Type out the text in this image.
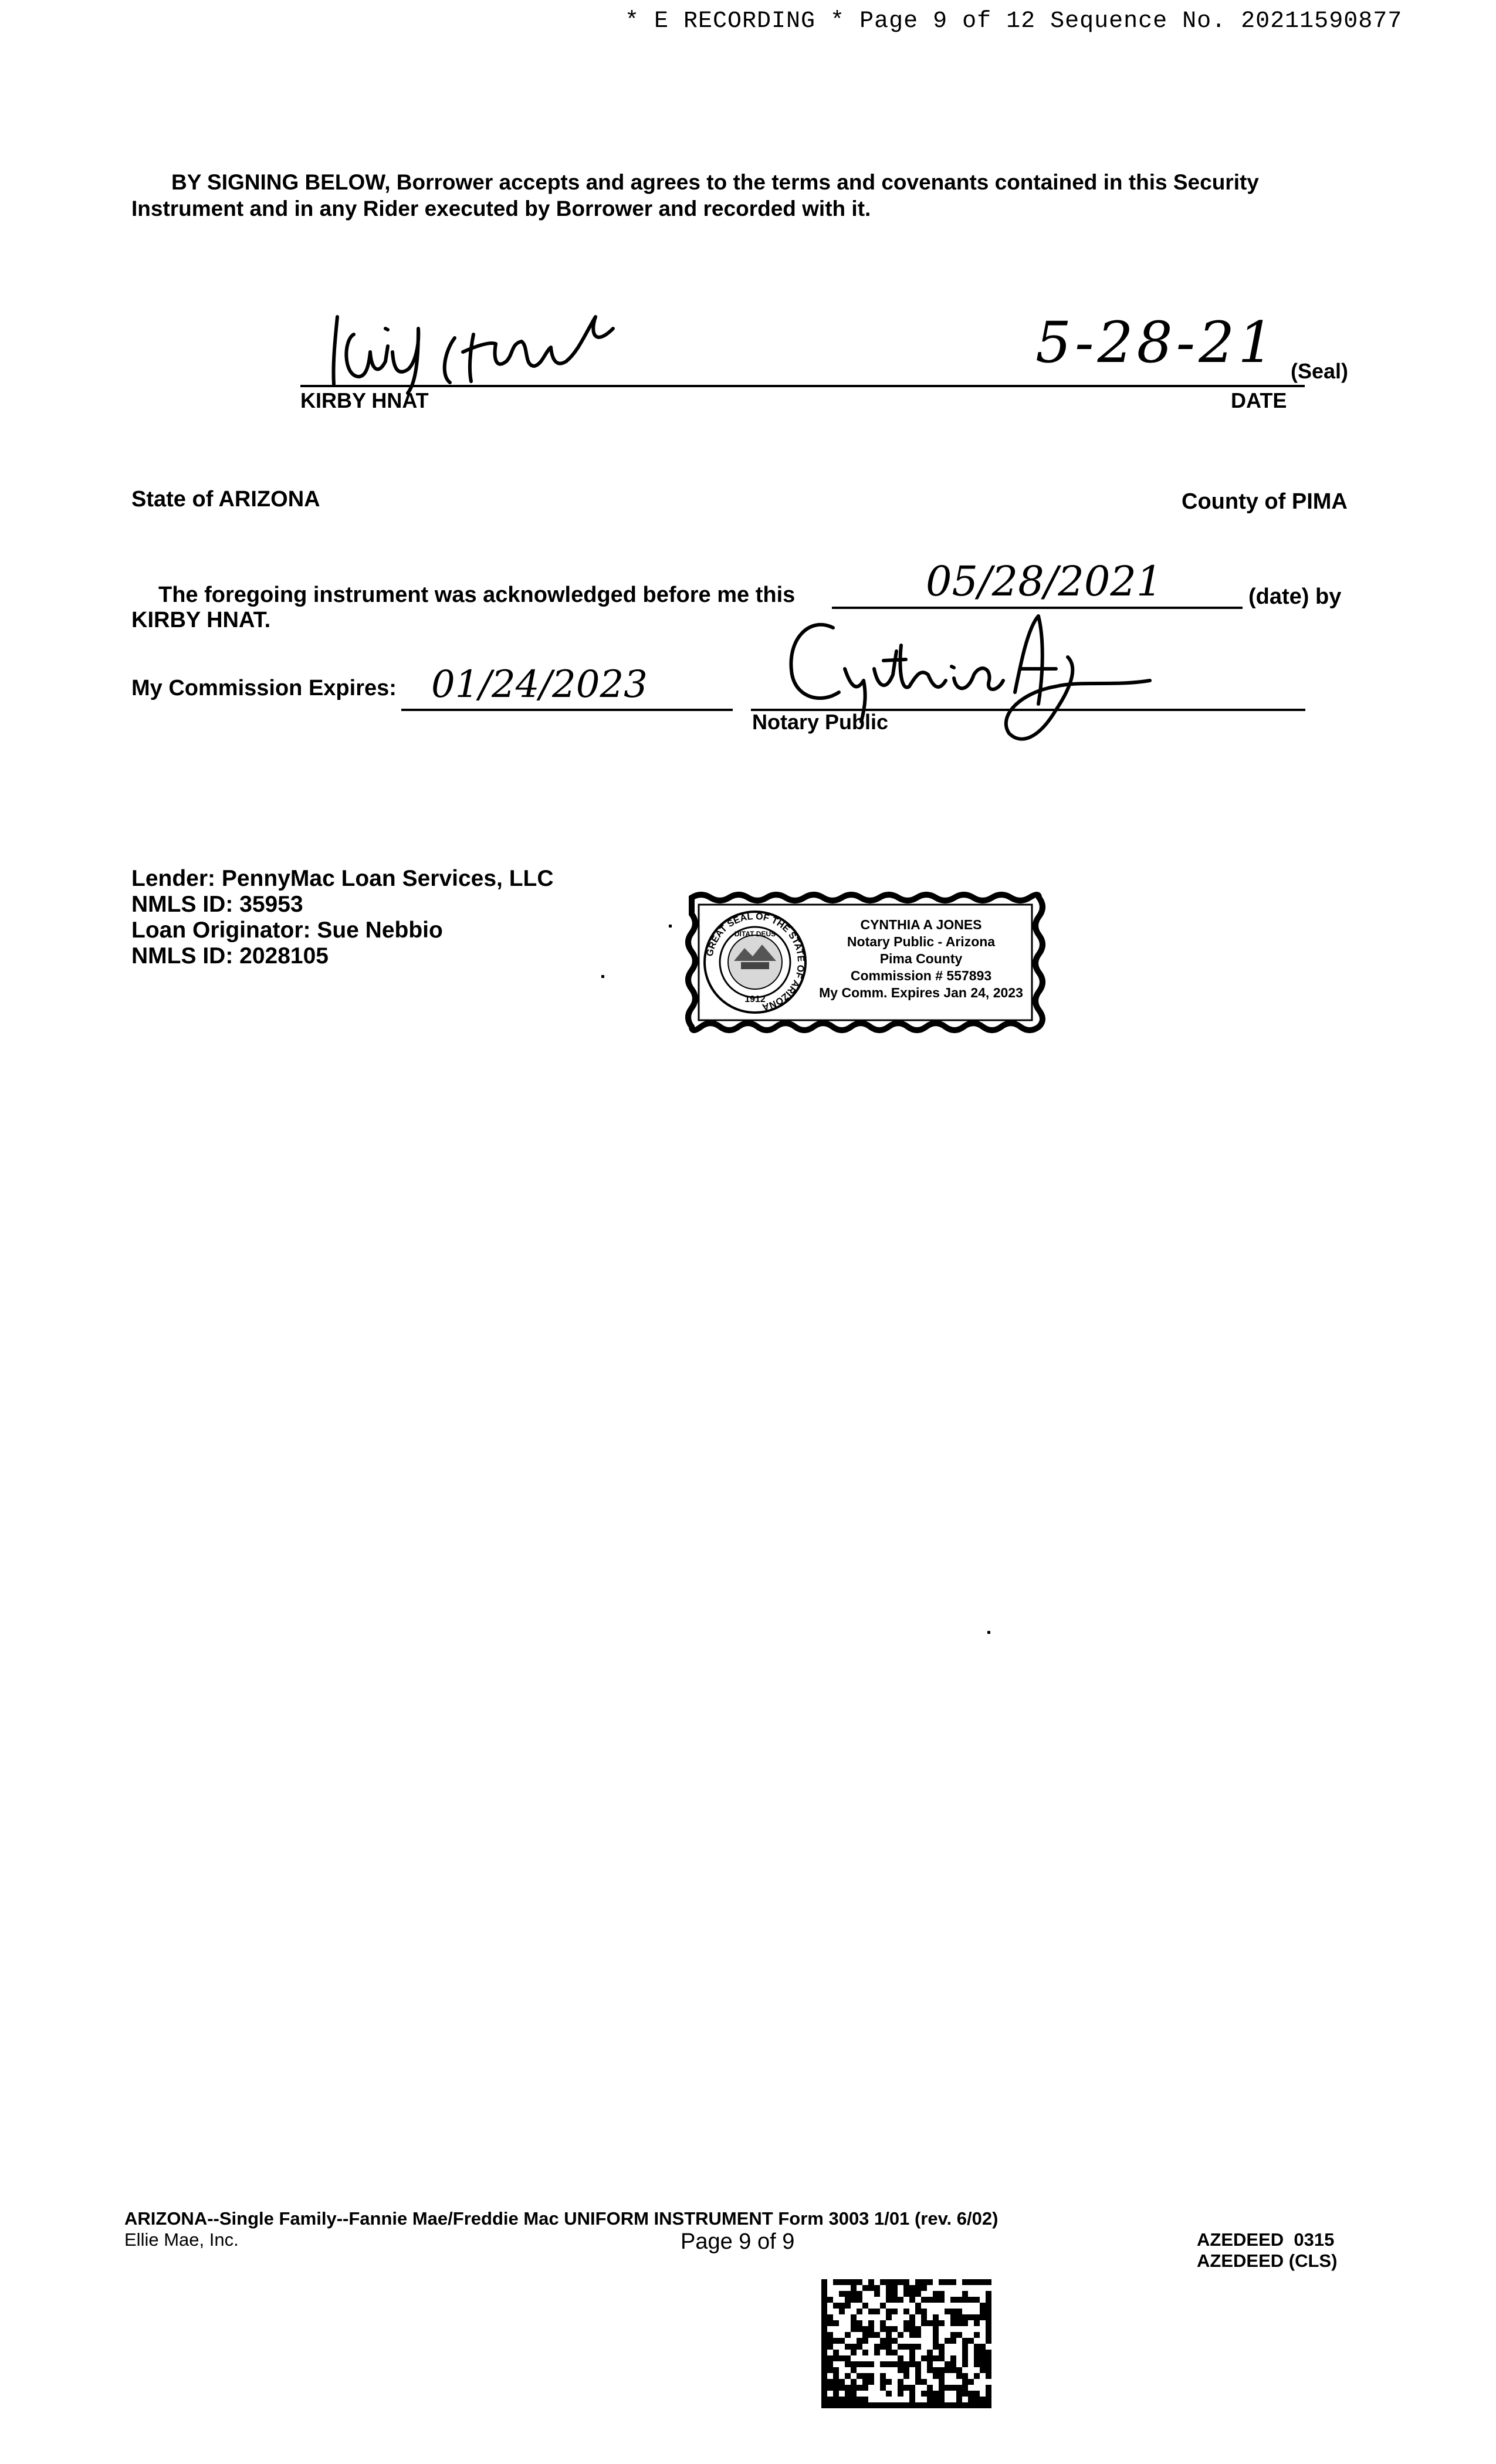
* E RECORDING * Page 9 of 12 Sequence No. 20211590877
BY SIGNING BELOW, Borrower accepts and agrees to the terms and covenants contained in this Security
Instrument and in any Rider executed by Borrower and recorded with it.
5-28-21
KIRBY HNAT	DATE
(Seal)
State of ARIZONA	County of PIMA
The foregoing instrument was acknowledged before me this	05/28/2021	(date) by
KIRBY HNAT.
My Commission Expires: 01/24/2023
Notary Public
Lender: PennyMac Loan Services, LLC
NMLS ID: 35953
Loan Originator: Sue Nebbio
NMLS ID: 2028105	GREAT SEAL OF THE STATE OF ARIZONA
1912
DITAT DEUS
CYNTHIA A JONES
Notary Public - Arizona
Pima County
Commission # 557893
My Comm. Expires Jan 24, 2023
ARIZONA--Single Family--Fannie Mae/Freddie Mac UNIFORM INSTRUMENT Form 3003 1/01 (rev. 6/02)
Ellie Mae, Inc.	Page 9 of 9	AZEDEED  0315
AZEDEED (CLS)
